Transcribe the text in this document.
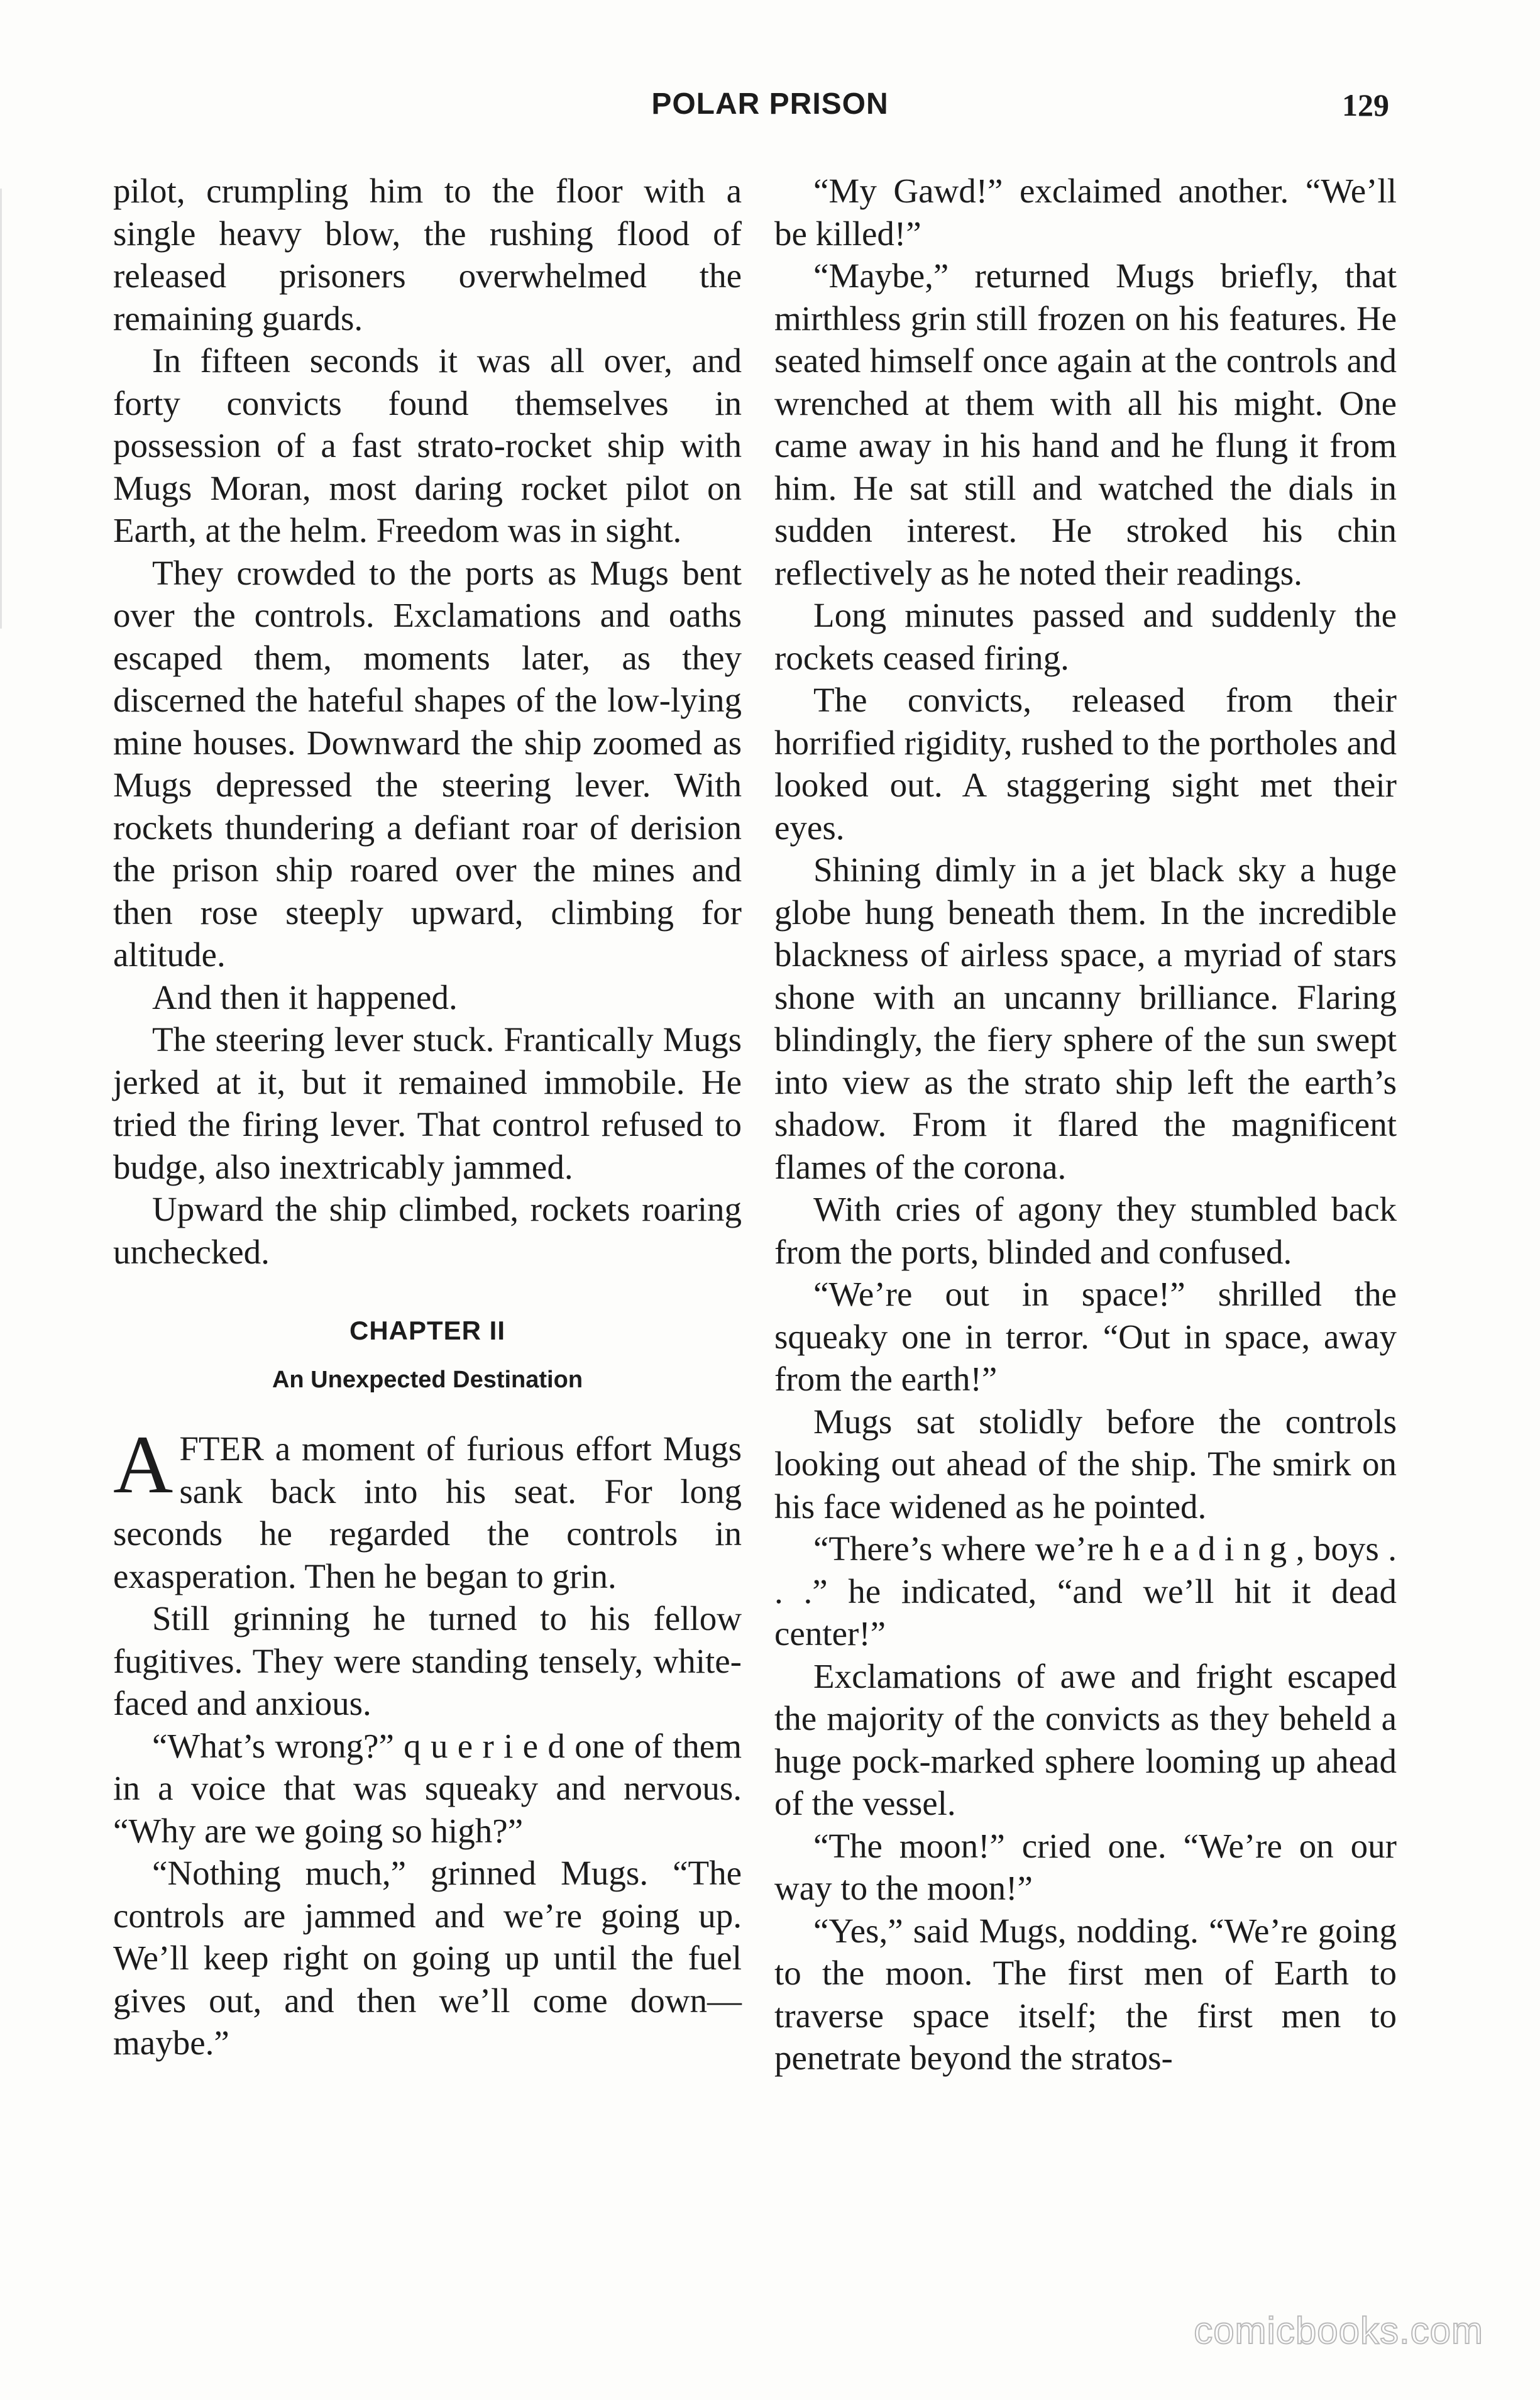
POLAR PRISON	129

pilot, crumpling him to the floor with a single heavy blow, the rushing flood of released prisoners overwhelmed the remaining guards.

In fifteen seconds it was all over, and forty convicts found themselves in possession of a fast strato-rocket ship with Mugs Moran, most daring rocket pilot on Earth, at the helm. Freedom was in sight.

They crowded to the ports as Mugs bent over the controls. Exclamations and oaths escaped them, moments later, as they discerned the hateful shapes of the low-lying mine houses. Downward the ship zoomed as Mugs depressed the steering lever. With rockets thundering a defiant roar of derision the prison ship roared over the mines and then rose steeply upward, climbing for altitude.

And then it happened.

The steering lever stuck. Frantically Mugs jerked at it, but it remained immobile. He tried the firing lever. That control refused to budge, also inextricably jammed.

Upward the ship climbed, rockets roaring unchecked.

CHAPTER II
An Unexpected Destination

AFTER a moment of furious effort Mugs sank back into his seat. For long seconds he regarded the controls in exasperation. Then he began to grin.

Still grinning he turned to his fellow fugitives. They were standing tensely, white-faced and anxious.

“What’s wrong?” q u e r i e d one of them in a voice that was squeaky and nervous. “Why are we going so high?”

“Nothing much,” grinned Mugs. “The controls are jammed and we’re going up. We’ll keep right on going up until the fuel gives out, and then we’ll come down—maybe.”

“My Gawd!” exclaimed another. “We’ll be killed!”

“Maybe,” returned Mugs briefly, that mirthless grin still frozen on his features. He seated himself once again at the controls and wrenched at them with all his might. One came away in his hand and he flung it from him. He sat still and watched the dials in sudden interest. He stroked his chin reflectively as he noted their readings.

Long minutes passed and suddenly the rockets ceased firing.

The convicts, released from their horrified rigidity, rushed to the portholes and looked out. A staggering sight met their eyes.

Shining dimly in a jet black sky a huge globe hung beneath them. In the incredible blackness of airless space, a myriad of stars shone with an uncanny brilliance. Flaring blindingly, the fiery sphere of the sun swept into view as the strato ship left the earth’s shadow. From it flared the magnificent flames of the corona.

With cries of agony they stumbled back from the ports, blinded and confused.

“We’re out in space!” shrilled the squeaky one in terror. “Out in space, away from the earth!”

Mugs sat stolidly before the controls looking out ahead of the ship. The smirk on his face widened as he pointed.

“There’s where we’re h e a d i n g , boys . . .” he indicated, “and we’ll hit it dead center!”

Exclamations of awe and fright escaped the majority of the convicts as they beheld a huge pock-marked sphere looming up ahead of the vessel.

“The moon!” cried one. “We’re on our way to the moon!”

“Yes,” said Mugs, nodding. “We’re going to the moon. The first men of Earth to traverse space itself; the first men to penetrate beyond the stratos-

comicbooks.com
